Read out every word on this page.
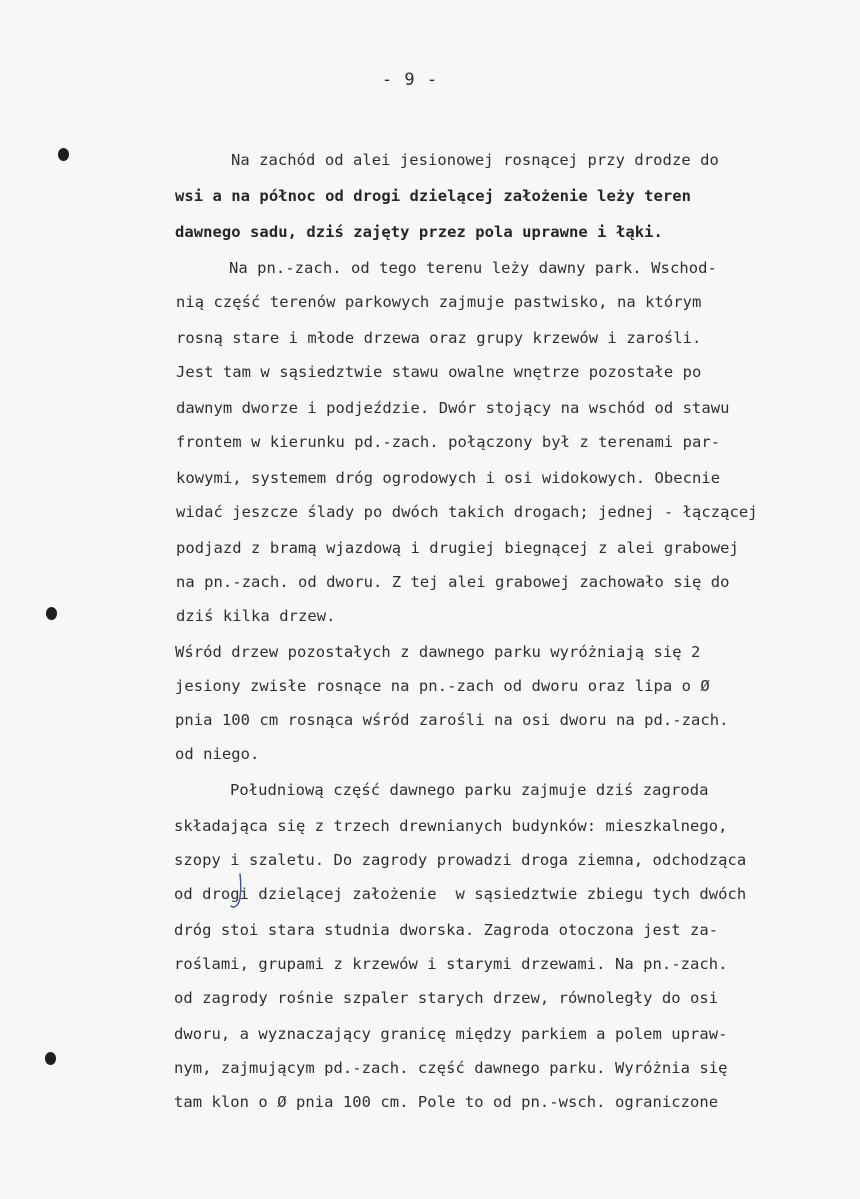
- 9 -
Na zachód od alei jesionowej rosnącej przy drodze do
wsi a na północ od drogi dzielącej założenie leży teren
dawnego sadu, dziś zajęty przez pola uprawne i łąki.
Na pn.-zach. od tego terenu leży dawny park. Wschod-
nią część terenów parkowych zajmuje pastwisko, na którym
rosną stare i młode drzewa oraz grupy krzewów i zarośli.
Jest tam w sąsiedztwie stawu owalne wnętrze pozostałe po
dawnym dworze i podjeździe. Dwór stojący na wschód od stawu
frontem w kierunku pd.-zach. połączony był z terenami par-
kowymi, systemem dróg ogrodowych i osi widokowych. Obecnie
widać jeszcze ślady po dwóch takich drogach; jednej - łączącej
podjazd z bramą wjazdową i drugiej biegnącej z alei grabowej
na pn.-zach. od dworu. Z tej alei grabowej zachowało się do
dziś kilka drzew.
Wśród drzew pozostałych z dawnego parku wyróżniają się 2
jesiony zwisłe rosnące na pn.-zach od dworu oraz lipa o Ø
pnia 100 cm rosnąca wśród zarośli na osi dworu na pd.-zach.
od niego.
Południową część dawnego parku zajmuje dziś zagroda
składająca się z trzech drewnianych budynków: mieszkalnego,
szopy i szaletu. Do zagrody prowadzi droga ziemna, odchodząca
od drogi dzielącej założenie  w sąsiedztwie zbiegu tych dwóch
dróg stoi stara studnia dworska. Zagroda otoczona jest za-
roślami, grupami z krzewów i starymi drzewami. Na pn.-zach.
od zagrody rośnie szpaler starych drzew, równoległy do osi
dworu, a wyznaczający granicę między parkiem a polem upraw-
nym, zajmującym pd.-zach. część dawnego parku. Wyróżnia się
tam klon o Ø pnia 100 cm. Pole to od pn.-wsch. ograniczone
